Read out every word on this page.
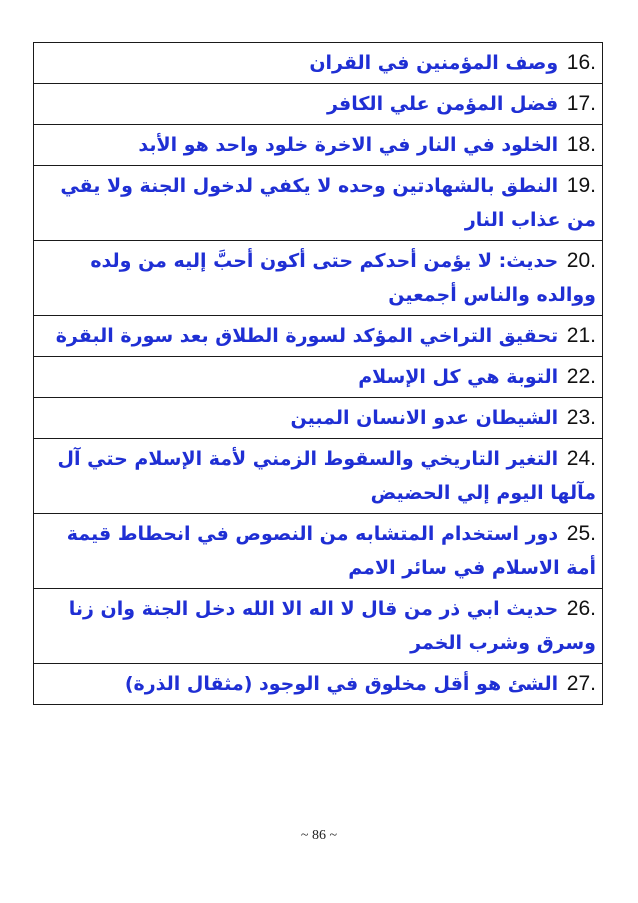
16. وصف المؤمنين في القران
17. فضل المؤمن علي الكافر
18. الخلود في النار في الاخرة خلود واحد هو الأبد
19. النطق بالشهادتين وحده لا يكفي لدخول الجنة ولا يقي من عذاب النار
20. حديث: لا يؤمن أحدكم حتى أكون أحبَّ إليه من ولده ووالده والناس أجمعين
21. تحقيق التراخي المؤكد لسورة الطلاق بعد سورة البقرة
22. التوبة هي كل الإسلام
23. الشيطان عدو الانسان المبين
24. التغير التاريخي والسقوط الزمني لأمة الإسلام حتي آل مآلها اليوم إلي الحضيض
25. دور استخدام المتشابه من النصوص في انحطاط قيمة أمة الاسلام في سائر الامم
26. حديث ابي ذر من قال لا اله الا الله دخل الجنة وان زنا وسرق وشرب الخمر
27. الشئ هو أقل مخلوق في الوجود (مثقال الذرة)
~ 86 ~
